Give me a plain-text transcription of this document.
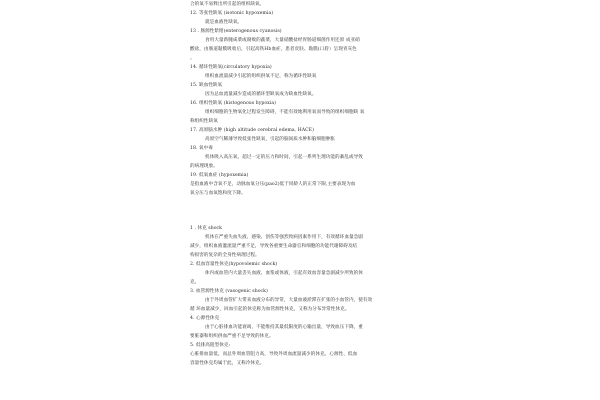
合的氧不易释出所引起的组织缺氧。
12. 等张性缺氧 (isotonic hypoxemia)
就是血液性缺氧。
13 . 肠源性紫绀(enterogenous cyanosis)
食用大量新腌咸菜或腐败的蔬菜，大量硝酸盐经胃肠道细菌作用还原 成亚硝
酸盐，由肠道黏膜吸收后，引起高铁Hb血症，患者皮肤、黏膜(口唇）呈现青灰色
。
14. 循环性缺氧(circulatory hypoxia)
组织血流量减少引起的组织供氧不足，称为循环性缺氧
15. 缺血性缺氧
因为总血流量减少造成的循环型缺氧成为缺血性缺氧。
16. 组织性缺氧 (histogenous hypoxia)
组织细胞的生物氧化过程发生障碍，不能有效地利用氧而导致的组织细胞缺 氧
称组织性缺氧
17. 高原脑水肿 (high altitude cerebral edema, HACE)
高原空气稀薄导致低张性缺氧，引起的脑间质水肿和脑细胞肿胀
18. 氧中毒
机体吸入高压氧，超过一定的压力和时间，引起一系列生理功能的紊乱或导致
的病理现象。
19. 低氧血症 (hypoxemia)
是指血液中含氧不足，动脉血氧分压(pao2)低于同龄人的正常下限,主要表现为血
氧分压与血氧饱和度下降。
1 . 休克 shock
机体在严重失血失液、感染、创伤等强烈致病因素作用下，有效循环血量急剧
减少，组织血液灌流量严重不足，导致各重要生命器官和细胞的功能代谢障碍及结
构损害的复杂的全身性病理过程。
2. 低血容量性休克(hypovolemic shock)
休内或血管内大量丢失血液、血浆或体液，引起有效血容量急剧减少所致的休
克。
3. 血管源性休克 (vasogenic shock)
由于外周血管扩大带来血液分布的异常，大量血液淤滞在扩张的小血管内，使有效
循 环血量减少，回血引起的休克称为血管源性休克，又称为分布异常性休克。
4. 心源性休克
由于心脏排血功能衰竭，不能维持其最低限度的心输出量，导致血压下降，重
要脏器和组织供血严重不足导致的休克。
5. 低排高阻型休克:
心脏排血量低，而总外周血管阻力高，导致外周血流量减少的休克。心源性、低血
容量性休克均属于此，又称冷休克。
